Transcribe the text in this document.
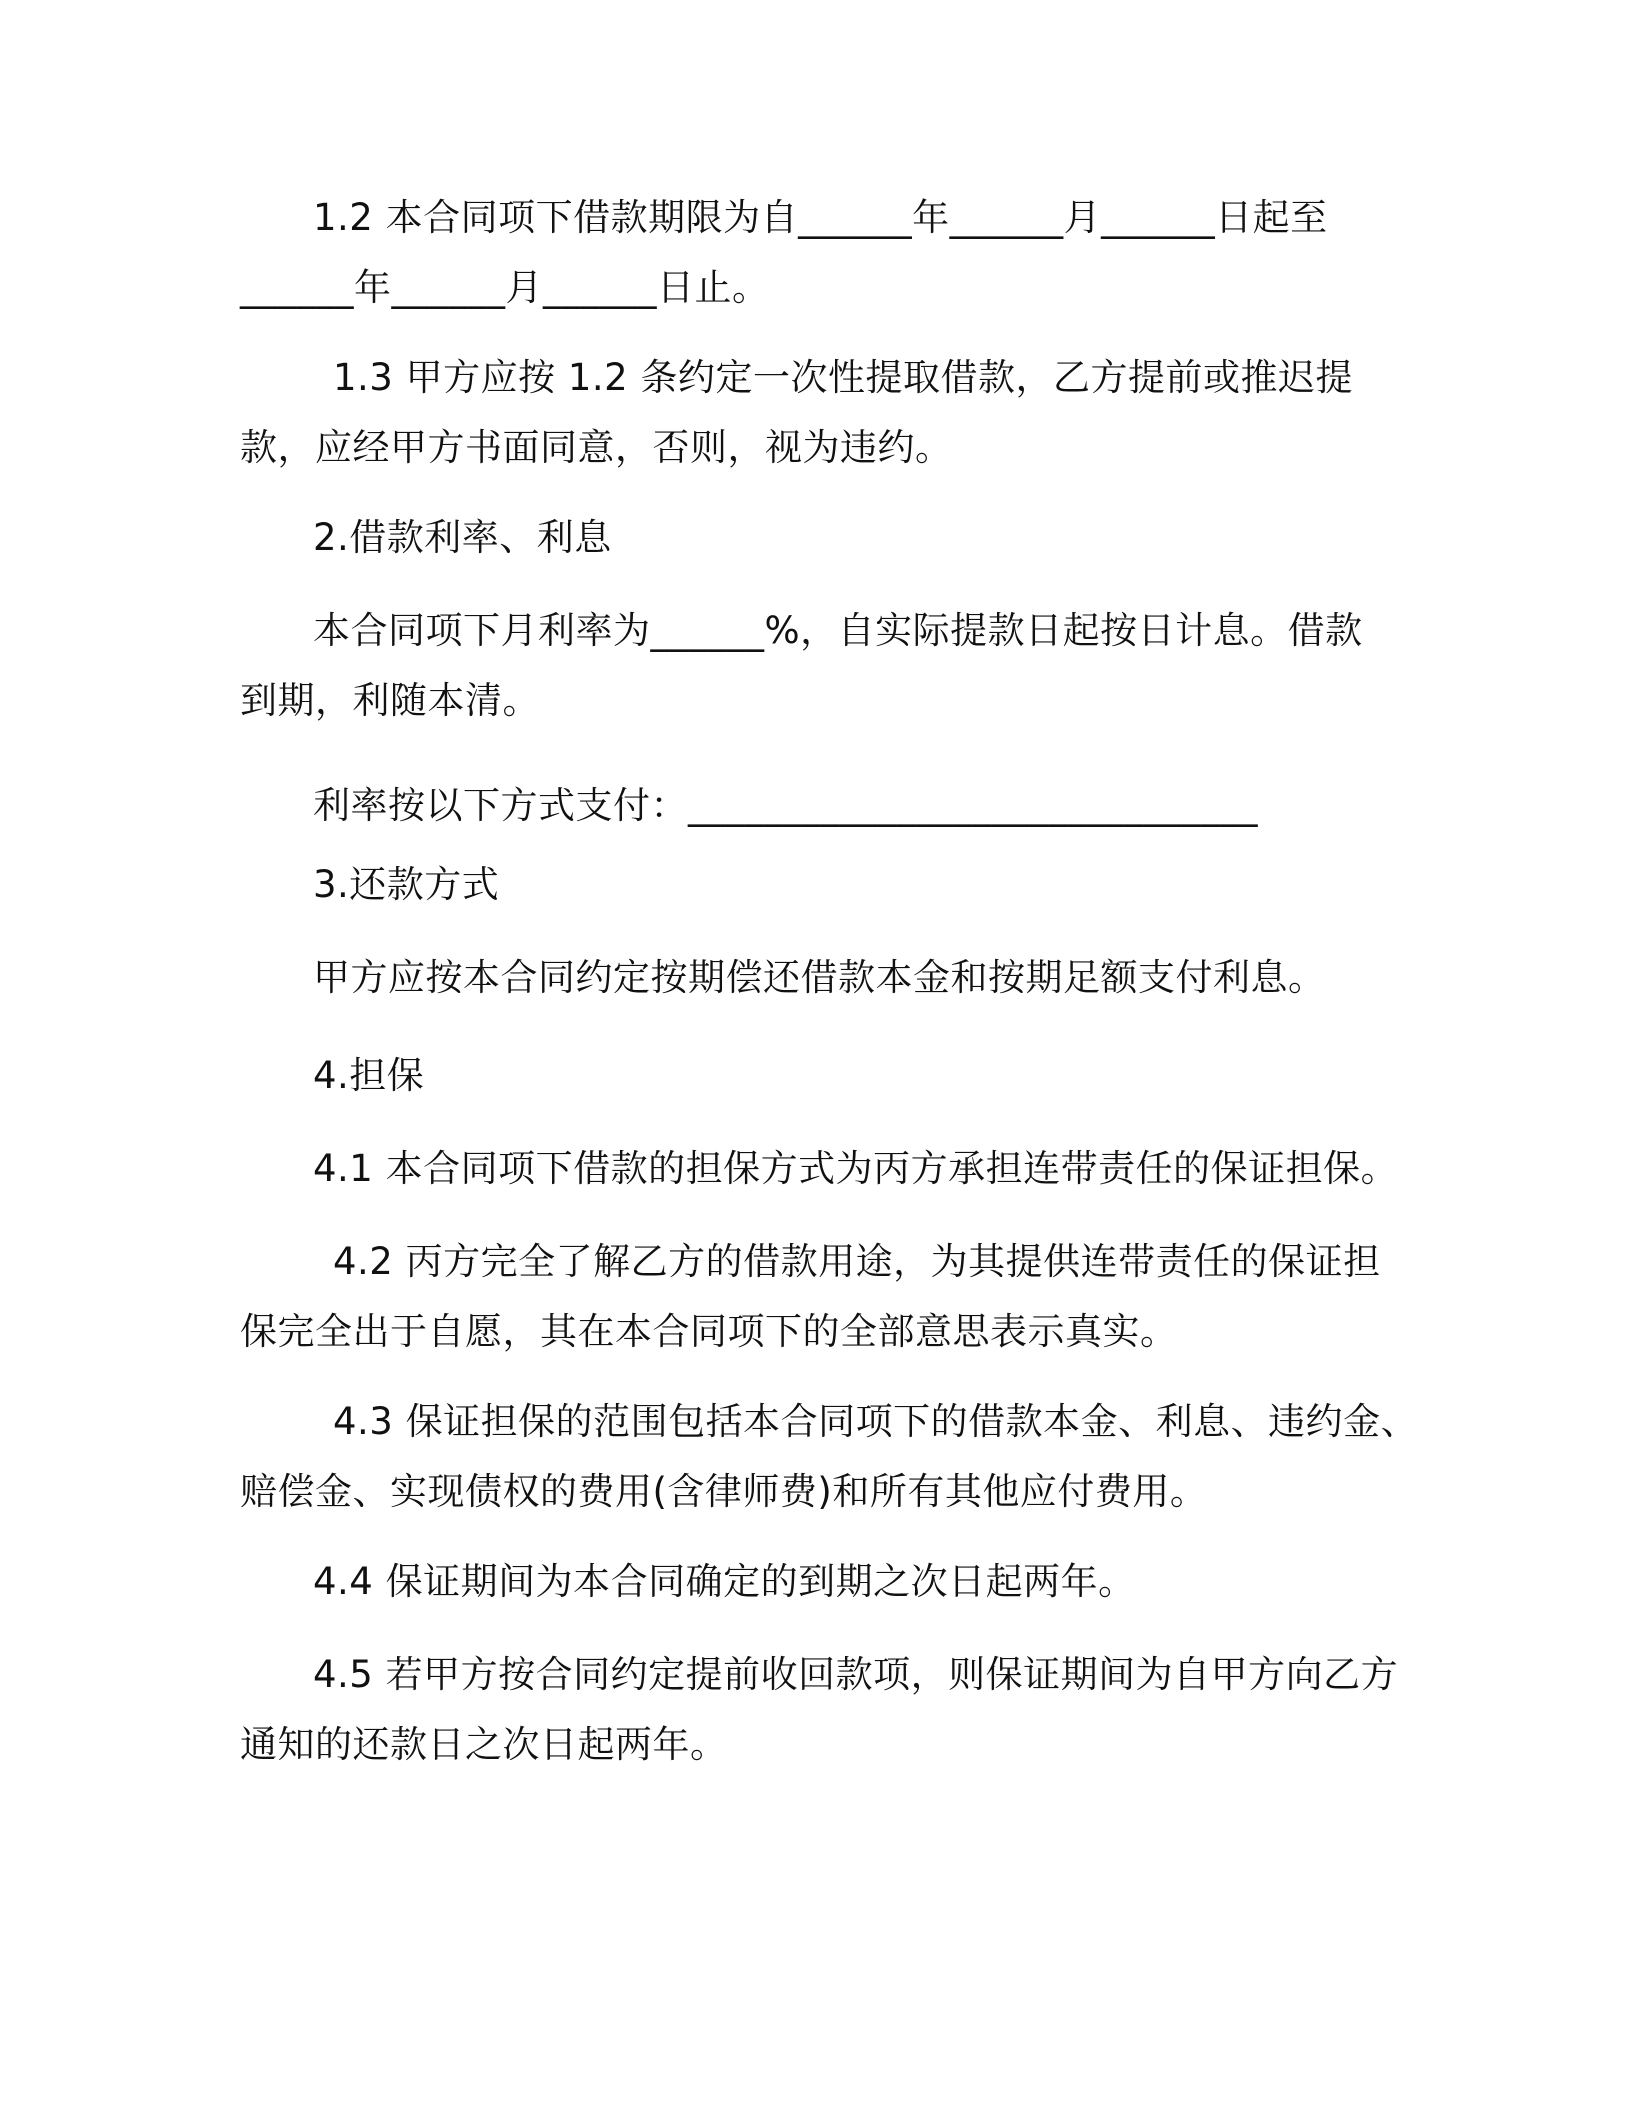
1.2 本合同项下借款期限为自______年______月______日起至
______年______月______日止。
1.3 甲方应按 1.2 条约定一次性提取借款，乙方提前或推迟提
款，应经甲方书面同意，否则，视为违约。
2.借款利率、利息
本合同项下月利率为______%，自实际提款日起按日计息。借款
到期，利随本清。
利率按以下方式支付：______________________________
3.还款方式
甲方应按本合同约定按期偿还借款本金和按期足额支付利息。
4.担保
4.1 本合同项下借款的担保方式为丙方承担连带责任的保证担保。
4.2 丙方完全了解乙方的借款用途，为其提供连带责任的保证担
保完全出于自愿，其在本合同项下的全部意思表示真实。
4.3 保证担保的范围包括本合同项下的借款本金、利息、违约金、
赔偿金、实现债权的费用(含律师费)和所有其他应付费用。
4.4 保证期间为本合同确定的到期之次日起两年。
4.5 若甲方按合同约定提前收回款项，则保证期间为自甲方向乙方
通知的还款日之次日起两年。
